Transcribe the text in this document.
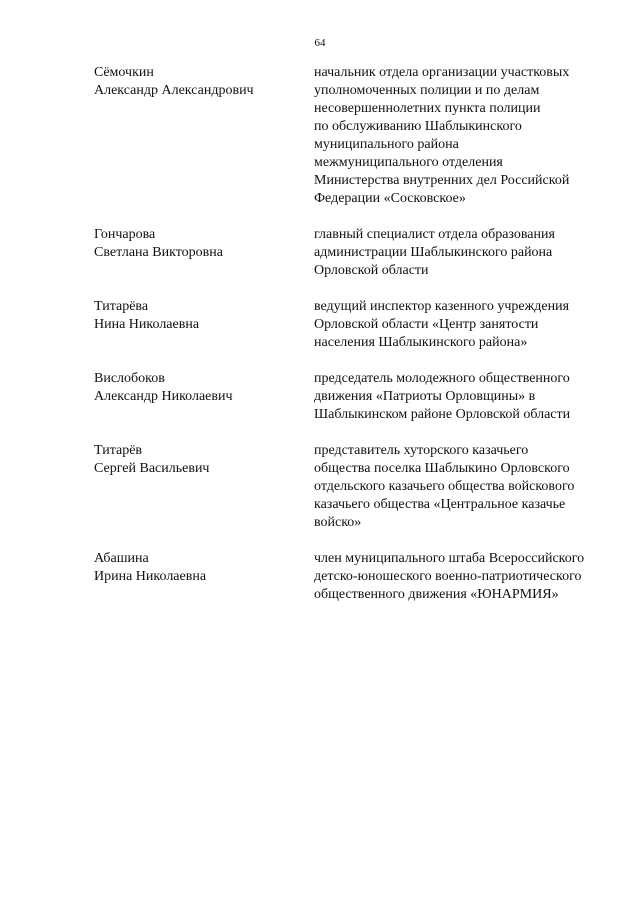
64
Сёмочкин
Александр Александрович
начальник отдела организации участковых
уполномоченных полиции и по делам
несовершеннолетних пункта полиции
по обслуживанию Шаблыкинского
муниципального района
межмуниципального отделения
Министерства внутренних дел Российской
Федерации «Сосковское»
Гончарова
Светлана Викторовна
главный специалист отдела образования
администрации Шаблыкинского района
Орловской области
Титарёва
Нина Николаевна
ведущий инспектор казенного учреждения
Орловской области «Центр занятости
населения Шаблыкинского района»
Вислобоков
Александр Николаевич
председатель молодежного общественного
движения «Патриоты Орловщины» в
Шаблыкинском районе Орловской области
Титарёв
Сергей Васильевич
представитель хуторского казачьего
общества поселка Шаблыкино Орловского
отдельского казачьего общества войскового
казачьего общества «Центральное казачье
войско»
Абашина
Ирина Николаевна
член муниципального штаба Всероссийского
детско-юношеского военно-патриотического
общественного движения «ЮНАРМИЯ»
